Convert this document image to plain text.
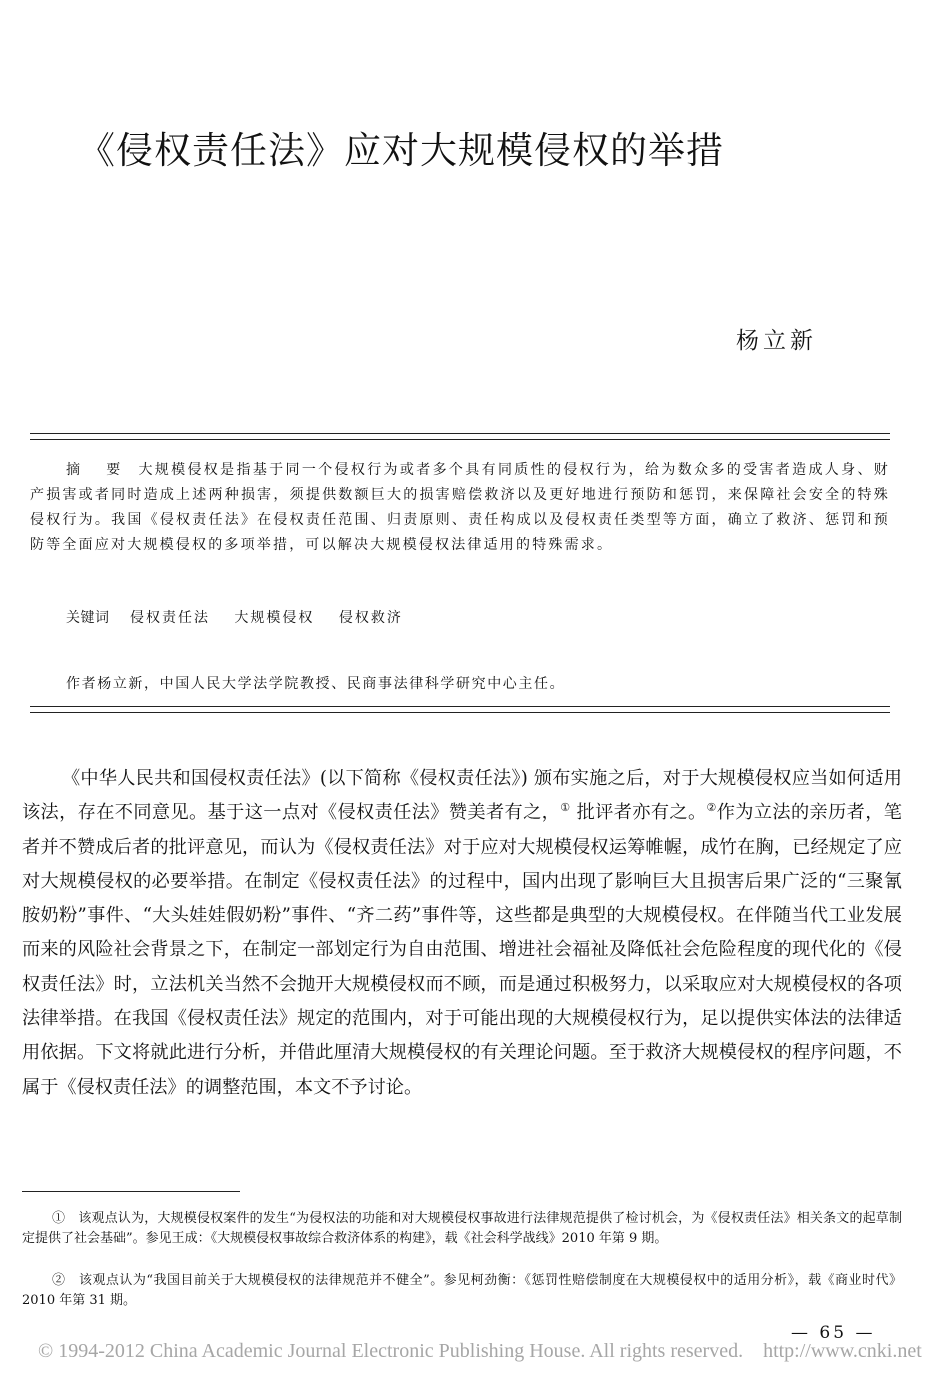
《侵权责任法》应对大规模侵权的举措
杨立新

摘　要 大规模侵权是指基于同一个侵权行为或者多个具有同质性的侵权行为，给为数众多的受害者造成人身、财产损害或者同时造成上述两种损害，须提供数额巨大的损害赔偿救济以及更好地进行预防和惩罚，来保障社会安全的特殊侵权行为。我国《侵权责任法》在侵权责任范围、归责原则、责任构成以及侵权责任类型等方面，确立了救济、惩罚和预防等全面应对大规模侵权的多项举措，可以解决大规模侵权法律适用的特殊需求。

关键词 侵权责任法 大规模侵权 侵权救济
作者杨立新，中国人民大学法学院教授、民商事法律科学研究中心主任。

《中华人民共和国侵权责任法》(以下简称《侵权责任法》) 颁布实施之后，对于大规模侵权应当如何适用该法，存在不同意见。基于这一点对《侵权责任法》赞美者有之，① 批评者亦有之。②作为立法的亲历者，笔者并不赞成后者的批评意见，而认为《侵权责任法》对于应对大规模侵权运筹帷幄，成竹在胸，已经规定了应对大规模侵权的必要举措。在制定《侵权责任法》的过程中，国内出现了影响巨大且损害后果广泛的“三聚氰胺奶粉”事件、“大头娃娃假奶粉”事件、“齐二药”事件等，这些都是典型的大规模侵权。在伴随当代工业发展而来的风险社会背景之下，在制定一部划定行为自由范围、增进社会福祉及降低社会危险程度的现代化的《侵权责任法》时，立法机关当然不会抛开大规模侵权而不顾，而是通过积极努力，以采取应对大规模侵权的各项法律举措。在我国《侵权责任法》规定的范围内，对于可能出现的大规模侵权行为，足以提供实体法的法律适用依据。下文将就此进行分析，并借此厘清大规模侵权的有关理论问题。至于救济大规模侵权的程序问题，不属于《侵权责任法》的调整范围，本文不予讨论。

①　 该观点认为，大规模侵权案件的发生“为侵权法的功能和对大规模侵权事故进行法律规范提供了检讨机会，为《侵权责任法》相关条文的起草制定提供了社会基础”。参见王成：《大规模侵权事故综合救济体系的构建》，载《社会科学战线》2010 年第 9 期。

②　 该观点认为“我国目前关于大规模侵权的法律规范并不健全”。参见柯劲衡：《惩罚性赔偿制度在大规模侵权中的适用分析》，载《商业时代》2010 年第 31 期。

— 65 —
© 1994-2012 China Academic Journal Electronic Publishing House. All rights reserved.　http://www.cnki.net
